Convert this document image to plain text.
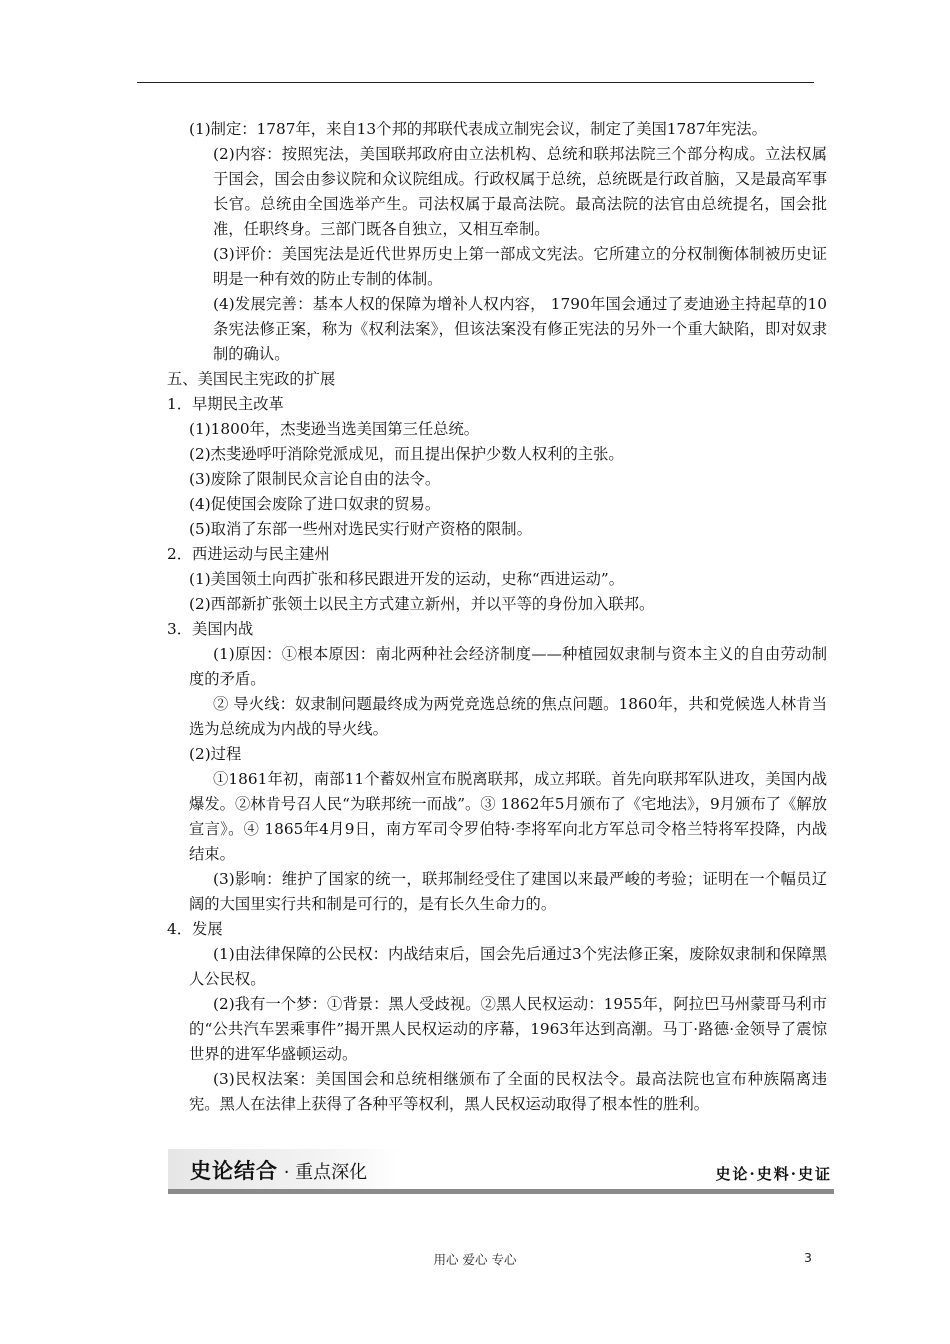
(1)制定：1787年，来自13个邦的邦联代表成立制宪会议，制定了美国1787年宪法。

(2)内容：按照宪法，美国联邦政府由立法机构、总统和联邦法院三个部分构成。立法权属于国会，国会由参议院和众议院组成。行政权属于总统，总统既是行政首脑，又是最高军事长官。总统由全国选举产生。司法权属于最高法院。最高法院的法官由总统提名，国会批准，任职终身。三部门既各自独立，又相互牵制。

(3)评价：美国宪法是近代世界历史上第一部成文宪法。它所建立的分权制衡体制被历史证明是一种有效的防止专制的体制。

(4)发展完善：基本人权的保障为增补人权内容， 1790年国会通过了麦迪逊主持起草的10条宪法修正案，称为《权利法案》，但该法案没有修正宪法的另外一个重大缺陷，即对奴隶制的确认。

五、美国民主宪政的扩展

1．早期民主改革

(1)1800年，杰斐逊当选美国第三任总统。

(2)杰斐逊呼吁消除党派成见，而且提出保护少数人权利的主张。

(3)废除了限制民众言论自由的法令。

(4)促使国会废除了进口奴隶的贸易。

(5)取消了东部一些州对选民实行财产资格的限制。

2．西进运动与民主建州

(1)美国领土向西扩张和移民跟进开发的运动，史称“西进运动”。

(2)西部新扩张领土以民主方式建立新州，并以平等的身份加入联邦。

3．美国内战

(1)原因：①根本原因：南北两种社会经济制度——种植园奴隶制与资本主义的自由劳动制度的矛盾。

② 导火线：奴隶制问题最终成为两党竞选总统的焦点问题。1860年，共和党候选人林肯当选为总统成为内战的导火线。

(2)过程

①1861年初，南部11个蓄奴州宣布脱离联邦，成立邦联。首先向联邦军队进攻，美国内战爆发。②林肯号召人民“为联邦统一而战”。③ 1862年5月颁布了《宅地法》，9月颁布了《解放宣言》。④ 1865年4月9日，南方军司令罗伯特·李将军向北方军总司令格兰特将军投降，内战结束。

(3)影响：维护了国家的统一，联邦制经受住了建国以来最严峻的考验；证明在一个幅员辽阔的大国里实行共和制是可行的，是有长久生命力的。

4．发展

(1)由法律保障的公民权：内战结束后，国会先后通过3个宪法修正案，废除奴隶制和保障黑人公民权。

(2)我有一个梦：①背景：黑人受歧视。②黑人民权运动：1955年，阿拉巴马州蒙哥马利市的“公共汽车罢乘事件”揭开黑人民权运动的序幕，1963年达到高潮。马丁·路德·金领导了震惊世界的进军华盛顿运动。

(3)民权法案：美国国会和总统相继颁布了全面的民权法令。最高法院也宣布种族隔离违宪。黑人在法律上获得了各种平等权利，黑人民权运动取得了根本性的胜利。

史论结合 · 重点深化	史论·史料·史证
用心 爱心 专心	3
